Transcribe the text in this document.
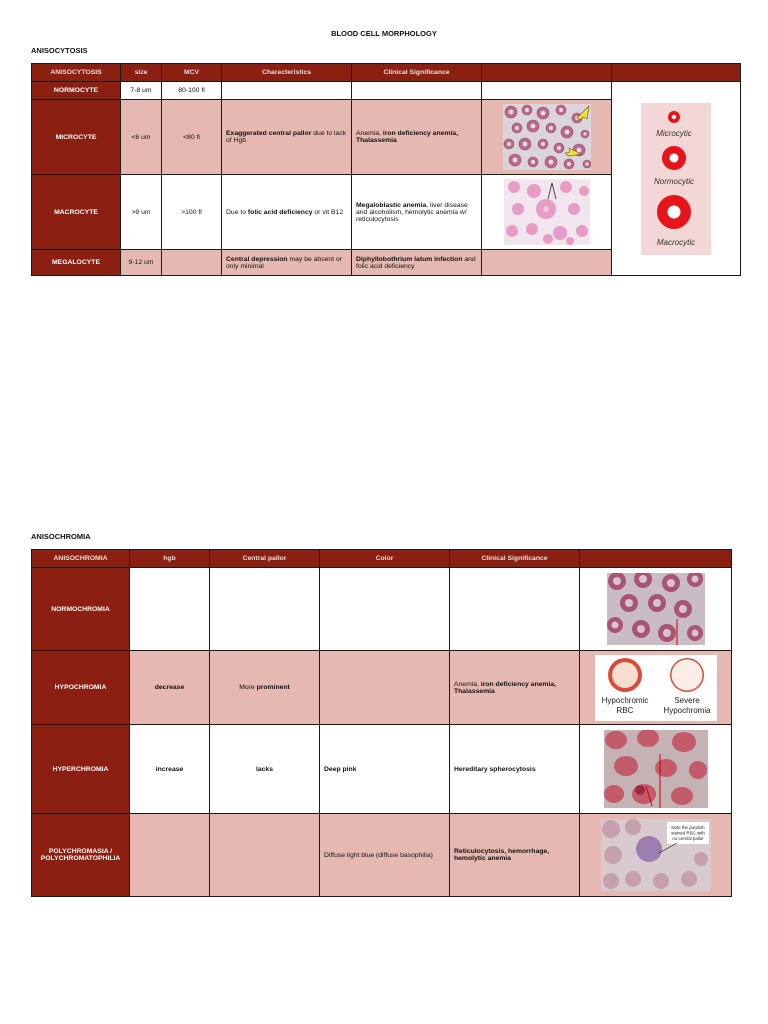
BLOOD CELL MORPHOLOGY
ANISOCYTOSIS
ANISOCYTOSIS	size	MCV	Characteristics	Clinical Significance		
NORMOCYTE	7-8 um	80-100 fl				Microcytic
Normocytic
Macrocytic

MICROCYTE	<6 um	<80 fl	Exaggerated central pallor due to lack of Hgb	Anemia, iron deficiency anemia, Thalassemia	

MACROCYTE	>9 um	>100 fl	Due to folic acid deficiency or vit B12	Megaloblastic anemia, liver disease and alcoholism, hemolytic anemia w/ reticulocytosis	

MEGALOCYTE	9-12 um		Central depression may be absent or only minimal	Diphyllobothrium latum infection and folic acid deficiency		
ANISOCHROMIA
ANISOCHROMIA	hgb	Central pallor	Color	Clinical Significance	
NORMOCHROMIA					

HYPOCHROMIA	decrease	More prominent		Anemia, iron deficiency anemia, Thalassemia	Hypochromic
RBC
Severe
Hypochromia

HYPERCHROMIA	increase	lacks	Deep pink	Hereditary spherocytosis	

POLYCHROMASIA / POLYCHROMATOPHILIA			Diffuse light blue (diffuse basophilia)	Reticulocytosis, hemorrhage, hemolytic anemia	Note the purplish
stained RBC with
no central pallor
